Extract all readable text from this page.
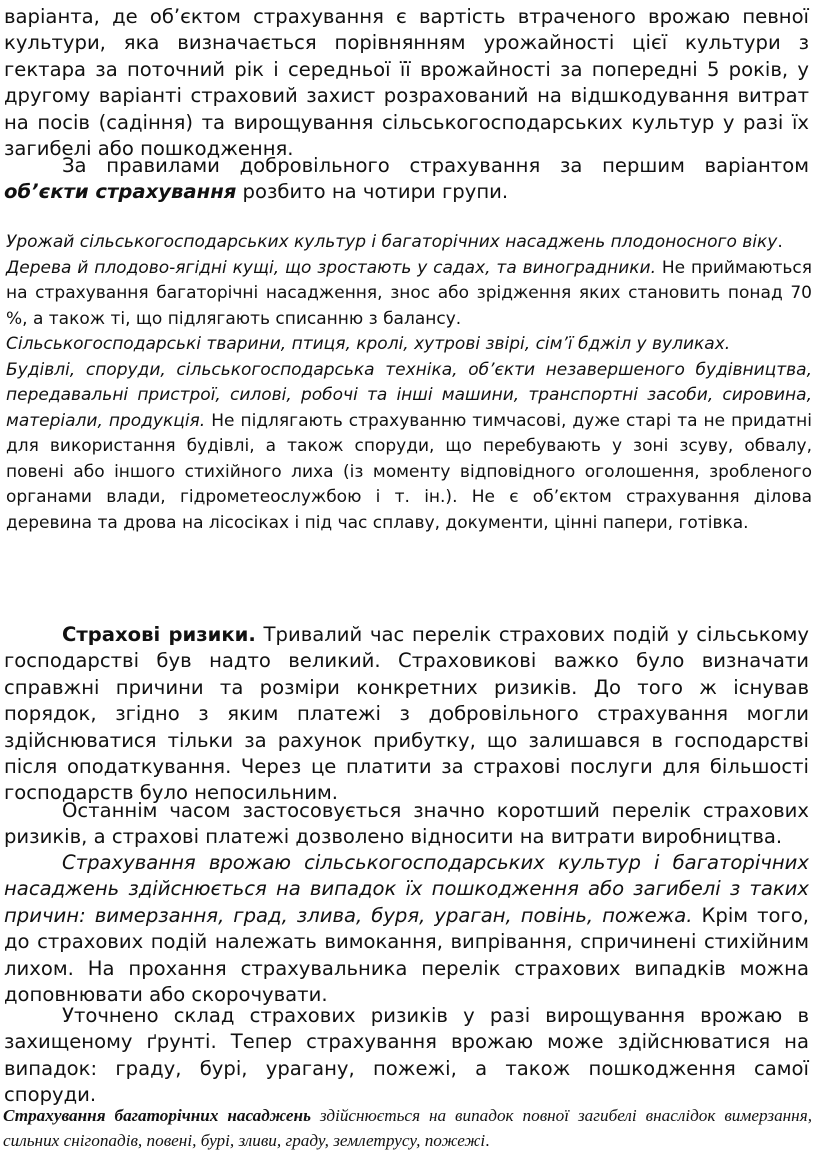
варіанта, де об’єктом страхування є вартість втраченого врожаю певної культури, яка визначається порівнянням урожайності цієї культури з гектара за поточний рік і середньої її врожайності за попередні 5 років, у другому варіанті страховий захист розрахований на відшкодування витрат на посів (садіння) та вирощування сільськогосподарських культур у разі їх загибелі або пошкодження.

За правилами добровільного страхування за першим варіантом об’єкти страхування розбито на чотири групи.

Урожай сільськогосподарських культур і багаторічних насаджень плодоносного віку.

Дерева й плодово-ягідні кущі, що зростають у садах, та виноградники. Не приймаються на страхування багаторічні насадження, знос або зрідження яких становить понад 70 %, а також ті, що підлягають списанню з балансу.

Сільськогосподарські тварини, птиця, кролі, хутрові звірі, сім’ї бджіл у вуликах.

Будівлі, споруди, сільськогосподарська техніка, об’єкти незавершеного будівництва, передавальні пристрої, силові, робочі та інші машини, транспортні засоби, сировина, матеріали, продукція. Не підлягають страхуванню тимчасові, дуже старі та не придатні для використання будівлі, а також споруди, що перебувають у зоні зсуву, обвалу, повені або іншого стихійного лиха (із моменту відповідного оголошення, зробленого органами влади, гідрометеослужбою і т. ін.). Не є об’єктом страхування ділова деревина та дрова на лісосіках і під час сплаву, документи, цінні папери, готівка.

Страхові ризики. Тривалий час перелік страхових подій у сільському господарстві був надто великий. Страховикові важко було визначати справжні причини та розміри конкретних ризиків. До того ж існував порядок, згідно з яким платежі з добровільного страхування могли здійснюватися тільки за рахунок прибутку, що залишався в господарстві після оподаткування. Через це платити за страхові послуги для більшості господарств було непосильним.

Останнім часом застосовується значно коротший перелік страхових ризиків, а страхові платежі дозволено відносити на витрати виробництва.

Страхування врожаю сільськогосподарських культур і багаторічних насаджень здійснюється на випадок їх пошкодження або загибелі з таких причин: вимерзання, град, злива, буря, ураган, повінь, пожежа. Крім того, до страхових подій належать вимокання, випрівання, спричинені стихійним лихом. На прохання страхувальника перелік страхових випадків можна доповнювати або скорочувати.

Уточнено склад страхових ризиків у разі вирощування врожаю в захищеному ґрунті. Тепер страхування врожаю може здійснюватися на випадок: граду, бурі, урагану, пожежі, а також пошкодження самої споруди.

Страхування багаторічних насаджень здійснюється на випадок повної загибелі внаслідок вимерзання, сильних снігопадів, повені, бурі, зливи, граду, землетрусу, пожежі.
